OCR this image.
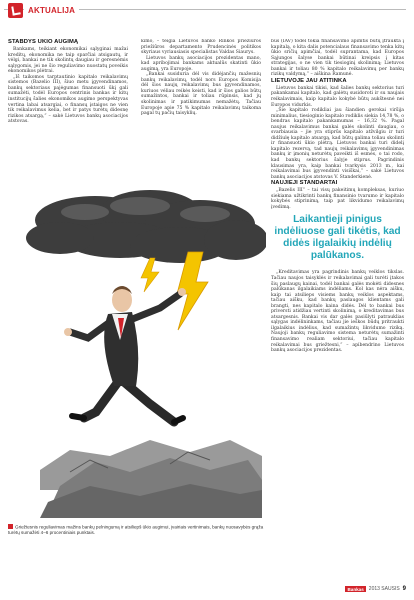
AKTUALIJA
STABDYS ŪKIO AUGIMĄ

Bankams, teikiant ekonomikai sąlyginai mažai kreditų, ekonomika ne taip sparčiai atsigautų, ir vėlgi, bankai ne tik skolintų daugiau ir geresnėmis sąlygomis, jei ne šio reguliavimo nuostatų poveikis ekonomikos plėtrai.

„Iš taikomos tarptautinio kapitalo reikalavimų sistemos (Bazelio III), šiuo metu įgyvendinamos, bankų sektoriaus pajėgumas finansuoti ūkį gali sumažėti, todėl Europos centrinis bankas ir kitų institucijų šalies ekonomikos augimo perspektyvas vertina labai atsargiai, o finansų įstaigos ne vien tik reikalavimus kelia, bet ir patys turėtų didesnę rizikos atsargą,“ – sakė Lietuvos bankų asociacijos atstovas.

kimo, – teigia Lietuvos banko Rinkos priežiūros priežiūros departamento Prudencinės politikos skyriaus vyriausiasis specialistas Valdas Siaurys.

Lietuvos bankų asociacijos prezidentas mano, kad apribojimai bankams aktualūs skatinti ūkio augimą, yra Europoje.

„Bankai susiduria dėl vis didėjančių mažesnių bankų reikalavimų, todėl nors Europos Komisija dėl šios naujų reikalavimų bus įgyvendinamos, kuriuos vėliau reikės keisti, kad ir šios galios būtų sumažintos, bankai ir toliau rūpinsis, kad jų skolinimas ir patikimumas nemažėtų. Tačiau Europoje apie 75 % kapitalo reikalavimų taikoma pagal tų pačių taisyklių.

bus (IAV) todėl tokia finansavimo apimtis būtų įtraukta į kapitalą, o kita dalis potencialaus finansavimo tenka kitų ūkio sričių apimčiai, todėl suprantama, kad Europos Sąjungos šalyse bankai būtinai kreipsis į kitas strategijas, o ne vien tik tiesioginį skolinimą; Lietuvos bankai ir toliau 80 % kapitalo reikalavimų per bankų rizikų valdymą,“ – aiškina Ramunė.

LIETUVOJE JAU ATITINKA

Lietuvos bankai tikisi, kad šalies bankų sektorius turi pakankamai kapitalo, kad galėtų susidoroti ir su naujais reikalavimais, kaip kapitalo kokybė būtų aukštesnė nei Europos vidurkis.

„Šie kapitalo rodikliai jau šiandien gerokai viršija minimalius, tiesioginio kapitalo rodiklis siekia 14,78 %, o bendras kapitalo pakankamumas – 16,32 %. Pagal naujus reikalavimus bankai galės skolinti daugiau, o svarbiausia – jie yra stiprūs kapitalo atžvilgiu ir turi didžiulę kapitalo atsargą, kad būtų galima toliau skolinti ir finansuoti ūkio plėtrą. Lietuvos bankai turi didelį kapitalo rezervą, tad naujų reikalavimų įgyvendinimas bankų ir įmonių neturėtų paveikti iš esmės, o tai rodo, kad bankų sektorius šalyje stiprus. Pagrindinis klausimas yra, kaip bankai tvarkysis 2013 m., kai reikalavimai bus įgyvendinti visiškai,“ – sakė Lietuvos bankų asociacijos atstovas V. Standerkienė.

NAUJIEJI STANDARTAI

„Bazelis III“ – tai visų pakeitimų kompleksas, kuriuo siekiama užtikrinti bankų finansinio tvarumo ir kapitalo kokybės stiprinimą, taip pat likvidumo reikalavimų įvedimą.

Laikantieji pinigus indėliuose gali tikėtis, kad didės ilgalaikių indėlių palūkanos.

„Kreditavimas yra pagrindinis bankų veiklos tikslas. Tačiau naujos taisyklės ir reikalavimai gali turėti įtakos šių paslaugų kainai, todėl bankai galės mokėti didesnes palūkanas ilgalaikiams indėliams. Kol kas nėra aišku, kaip tai atsilieps visiems bankų veiklos aspektams, tačiau aišku, kad bankų paslaugos klientams gali brangti, nes kapitalo kaina didės. Dėl to bankai bus priversti atidžiau vertinti skolinimą, o kreditavimas bus atsargesnis. Bankai vis dar galės pasiūlyti patrauklias sąlygas indėlininkams, tačiau jie ieškos būdų pritraukti ilgalaikius indėlius, kad sumažintų likvidumo riziką. Naujoji bankų reguliavimo sistema neturėtų sumažinti finansavimo realiam sektoriui, tačiau kapitalo reikalavimai bus griežtesni,“ – apibendrino Lietuvos bankų asociacijos prezidentas.

Griežtesnis reguliavimas mažins bankų pelningumą ir atsiliepš ūkio augimui, įvairiais vertinimais, bankų nuosavybės grąža turėtų sumažėti 4–6 procentiniais punktais.
Bankas	2013 SAUSIS 9
